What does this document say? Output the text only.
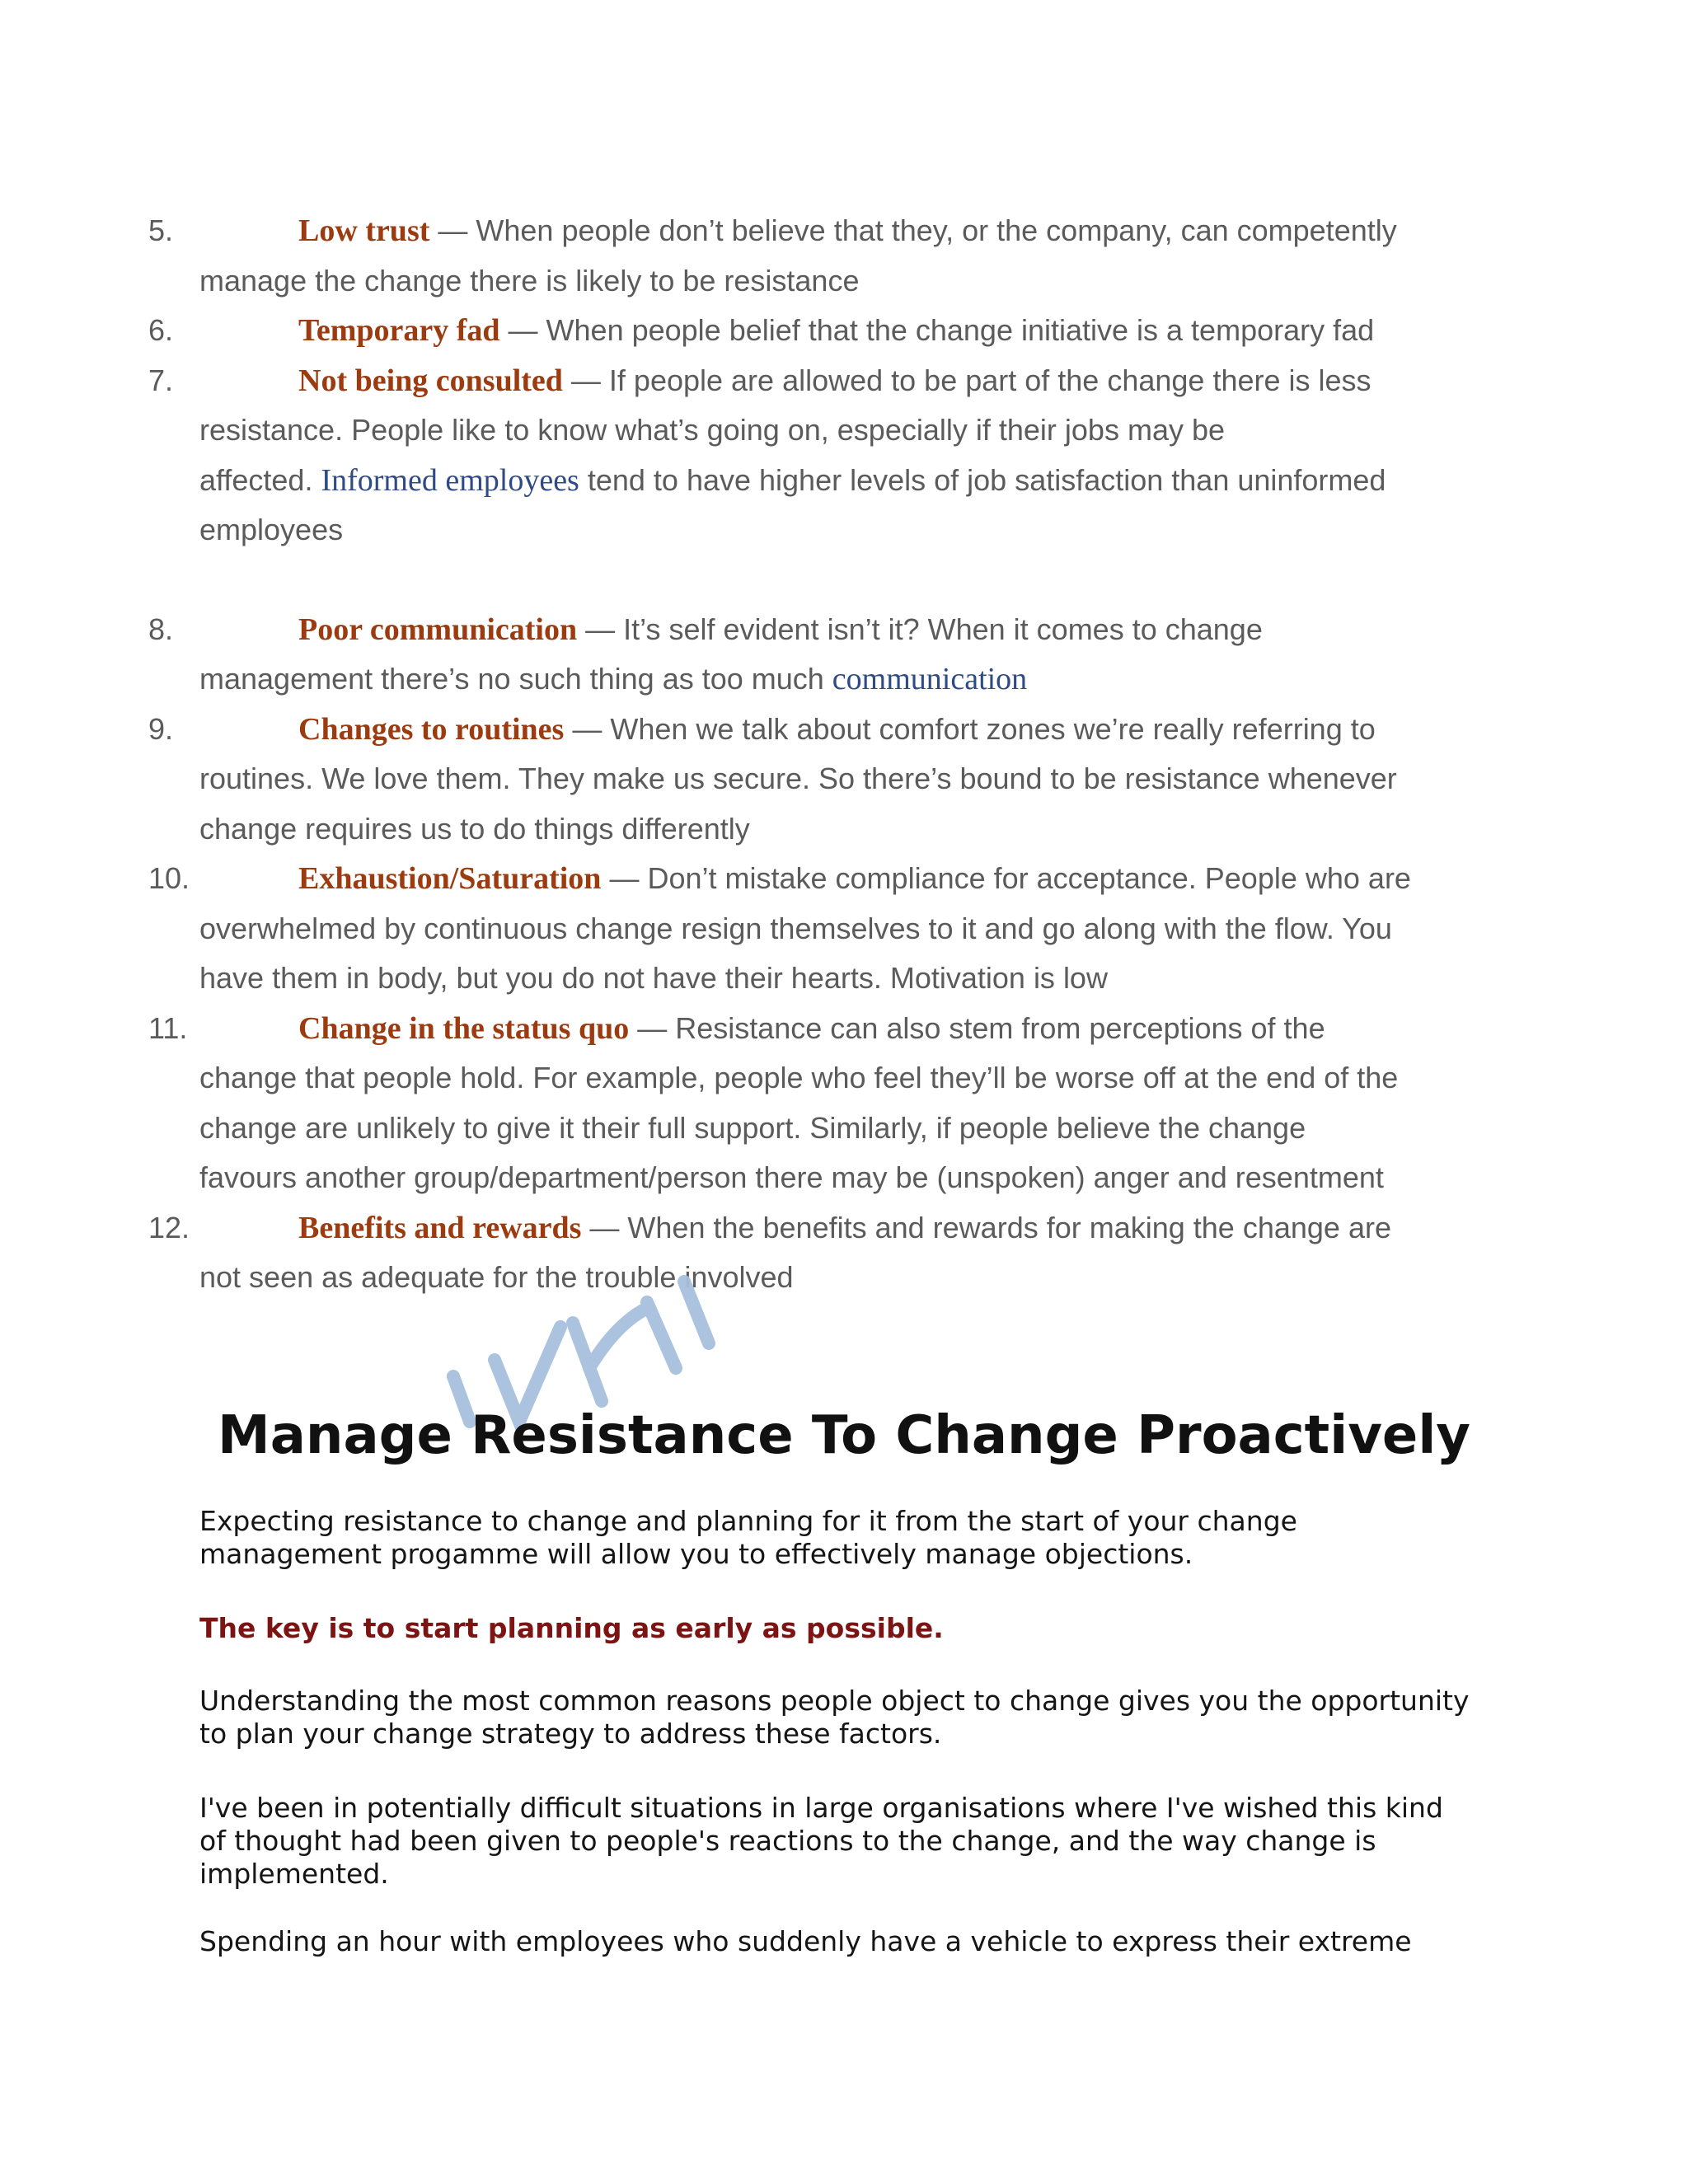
5.	Low trust — When people don’t believe that they, or the company, can competently
manage the change there is likely to be resistance
6.	Temporary fad — When people belief that the change initiative is a temporary fad
7.	Not being consulted — If people are allowed to be part of the change there is less
resistance. People like to know what’s going on, especially if their jobs may be
affected. Informed employees tend to have higher levels of job satisfaction than uninformed
employees
8.	Poor communication — It’s self evident isn’t it? When it comes to change
management there’s no such thing as too much communication
9.	Changes to routines — When we talk about comfort zones we’re really referring to
routines. We love them. They make us secure. So there’s bound to be resistance whenever
change requires us to do things differently
10.	Exhaustion/Saturation — Don’t mistake compliance for acceptance. People who are
overwhelmed by continuous change resign themselves to it and go along with the flow. You
have them in body, but you do not have their hearts. Motivation is low
11.	Change in the status quo — Resistance can also stem from perceptions of the
change that people hold. For example, people who feel they’ll be worse off at the end of the
change are unlikely to give it their full support. Similarly, if people believe the change
favours another group/department/person there may be (unspoken) anger and resentment
12.	Benefits and rewards — When the benefits and rewards for making the change are
not seen as adequate for the trouble involved
Manage Resistance To Change Proactively
Expecting resistance to change and planning for it from the start of your change
management progamme will allow you to effectively manage objections.
The key is to start planning as early as possible.
Understanding the most common reasons people object to change gives you the opportunity
to plan your change strategy to address these factors.
I've been in potentially difficult situations in large organisations where I've wished this kind
of thought had been given to people's reactions to the change, and the way change is
implemented.
Spending an hour with employees who suddenly have a vehicle to express their extreme
